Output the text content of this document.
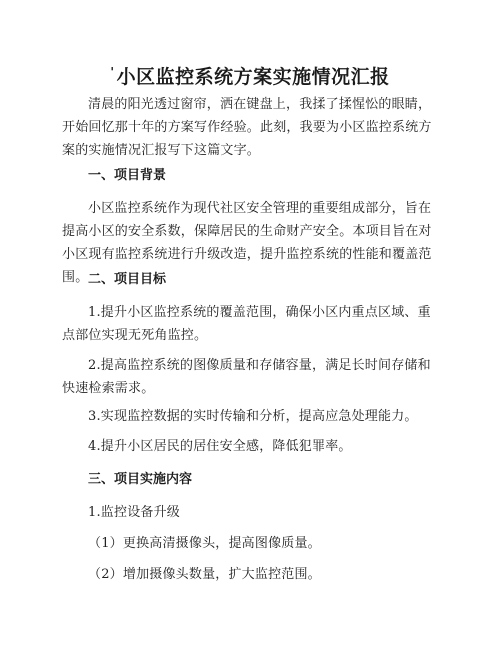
' 小区监控系统方案实施情况汇报

清晨的阳光透过窗帘，洒在键盘上，我揉了揉惺忪的眼睛，开始回忆那十年的方案写作经验。此刻，我要为小区监控系统方案的实施情况汇报写下这篇文字。

一、项目背景

小区监控系统作为现代社区安全管理的重要组成部分，旨在提高小区的安全系数，保障居民的生命财产安全。本项目旨在对小区现有监控系统进行升级改造，提升监控系统的性能和覆盖范围。 二、项目目标

1.提升小区监控系统的覆盖范围，确保小区内重点区域、重点部位实现无死角监控。

2.提高监控系统的图像质量和存储容量，满足长时间存储和快速检索需求。

3.实现监控数据的实时传输和分析，提高应急处理能力。

4.提升小区居民的居住安全感，降低犯罪率。

三、项目实施内容

1.监控设备升级

（1）更换高清摄像头，提高图像质量。

（2）增加摄像头数量，扩大监控范围。
